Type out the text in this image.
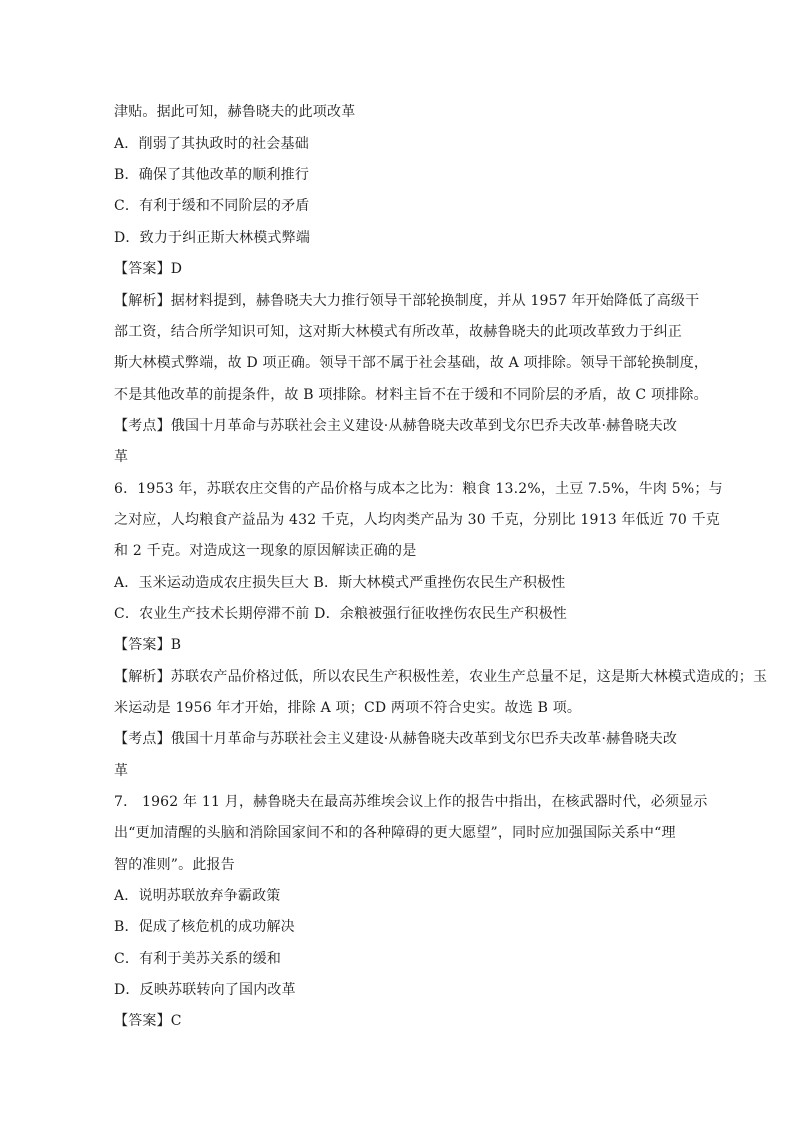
津贴。据此可知，赫鲁晓夫的此项改革
A．削弱了其执政时的社会基础
B．确保了其他改革的顺利推行
C．有利于缓和不同阶层的矛盾
D．致力于纠正斯大林模式弊端
【答案】D
【解析】据材料提到，赫鲁晓夫大力推行领导干部轮换制度，并从 1957 年开始降低了高级干
部工资，结合所学知识可知，这对斯大林模式有所改革，故赫鲁晓夫的此项改革致力于纠正
斯大林模式弊端，故 D 项正确。领导干部不属于社会基础，故 A 项排除。领导干部轮换制度，
不是其他改革的前提条件，故 B 项排除。材料主旨不在于缓和不同阶层的矛盾，故 C 项排除。
【考点】俄国十月革命与苏联社会主义建设·从赫鲁晓夫改革到戈尔巴乔夫改革·赫鲁晓夫改
革
6．1953 年，苏联农庄交售的产品价格与成本之比为：粮食 13.2%，土豆 7.5%，牛肉 5%；与
之对应，人均粮食产益品为 432 千克，人均肉类产品为 30 千克，分别比 1913 年低近 70 千克
和 2 千克。对造成这一现象的原因解读正确的是
A．玉米运动造成农庄损失巨大 B．斯大林模式严重挫伤农民生产积极性
C．农业生产技术长期停滞不前 D．余粮被强行征收挫伤农民生产积极性
【答案】B
【解析】苏联农产品价格过低，所以农民生产积极性差，农业生产总量不足，这是斯大林模式造成的；玉
米运动是 1956 年才开始，排除 A 项；CD 两项不符合史实。故选 B 项。
【考点】俄国十月革命与苏联社会主义建设·从赫鲁晓夫改革到戈尔巴乔夫改革·赫鲁晓夫改
革
7． 1962 年 11 月，赫鲁晓夫在最高苏维埃会议上作的报告中指出，在核武器时代，必须显示
出“更加清醒的头脑和消除国家间不和的各种障碍的更大愿望”，同时应加强国际关系中“理
智的准则”。此报告
A．说明苏联放弃争霸政策
B．促成了核危机的成功解决
C．有利于美苏关系的缓和
D．反映苏联转向了国内改革
【答案】C
